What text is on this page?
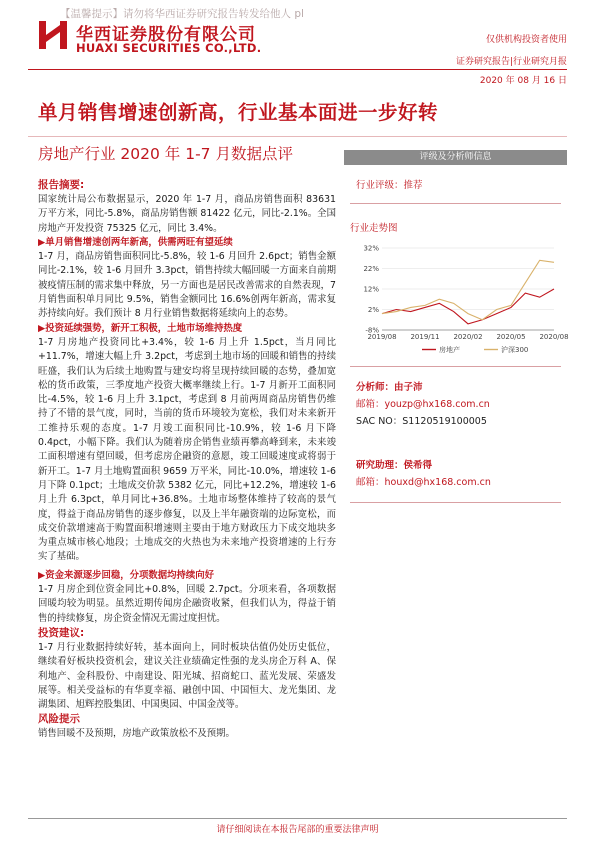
【温馨提示】请勿将华西证券研究报告转发给他人 pl
华西证券股份有限公司
HUAXI SECURITIES CO.,LTD.
仅供机构投资者使用
证券研究报告|行业研究月报
2020 年 08 月 16 日
单月销售增速创新高，行业基本面进一步好转
房地产行业 2020 年 1-7 月数据点评
报告摘要:

国家统计局公布数据显示，2020 年 1-7 月，商品房销售面积 83631 万平方米，同比-5.8%，商品房销售额 81422 亿元，同比-2.1%。全国房地产开发投资 75325 亿元，同比 3.4%。

▶单月销售增速创两年新高，供需两旺有望延续

1-7 月，商品房销售面积同比-5.8%，较 1-6 月回升 2.6pct；销售金额同比-2.1%，较 1-6 月回升 3.3pct，销售持续大幅回暖一方面来自前期被疫情压制的需求集中释放，另一方面也是居民改善需求的自然表现，7 月销售面积单月同比 9.5%，销售金额同比 16.6%创两年新高，需求复苏持续向好。我们预计 8 月行业销售数据将延续向上的态势。

▶投资延续强势，新开工积极，土地市场维持热度

1-7 月房地产投资同比+3.4%，较 1-6 月上升 1.5pct，当月同比+11.7%，增速大幅上升 3.2pct，考虑到土地市场的回暖和销售的持续旺盛，我们认为后续土地购置与建安均将呈现持续回暖的态势，叠加宽松的货币政策，三季度地产投资大概率继续上行。1-7 月新开工面积同比-4.5%，较 1-6 月上升 3.1pct，考虑到 8 月前两周商品房销售仍维持了不错的景气度，同时，当前的货币环境较为宽松，我们对未来新开工维持乐观的态度。1-7 月竣工面积同比-10.9%，较 1-6 月下降 0.4pct，小幅下降。我们认为随着房企销售业绩再攀高峰到来，未来竣工面积增速有望回暖，但考虑房企融资的意愿，竣工回暖速度或将弱于新开工。1-7 月土地购置面积 9659 万平米，同比-10.0%，增速较 1-6 月下降 0.1pct；土地成交价款 5382 亿元，同比+12.2%，增速较 1-6 月上升 6.3pct，单月同比+36.8%。土地市场整体维持了较高的景气度，得益于商品房销售的逐步修复，以及上半年融资端的边际宽松，而成交价款增速高于购置面积增速则主要由于地方财政压力下成交地块多为重点城市核心地段；土地成交的火热也为未来地产投资增速的上行夯实了基础。

▶资金来源逐步回稳，分项数据均持续向好

1-7 月房企到位资金同比+0.8%，回暖 2.7pct。分项来看，各项数据回暖均较为明显。虽然近期传闻房企融资收紧，但我们认为，得益于销售的持续修复，房企资金情况无需过度担忧。

投资建议:

1-7 月行业数据持续好转，基本面向上，同时板块估值仍处历史低位，继续看好板块投资机会，建议关注业绩确定性强的龙头房企万科 A、保利地产、金科股份、中南建设、阳光城、招商蛇口、蓝光发展、荣盛发展等。相关受益标的有华夏幸福、融创中国、中国恒大、龙光集团、龙湖集团、旭辉控股集团、中国奥园、中国金茂等。

风险提示

销售回暖不及预期，房地产政策放松不及预期。

评级及分析师信息
行业评级：推荐
行业走势图
32%
22%
12%
2%
-8%
2019/08 2019/11 2020/02 2020/05 2020/08
房地产	沪深300
分析师：由子沛
邮箱：youzp@hx168.com.cn
SAC NO：S1120519100005
研究助理：侯希得
邮箱：houxd@hx168.com.cn
请仔细阅读在本报告尾部的重要法律声明
